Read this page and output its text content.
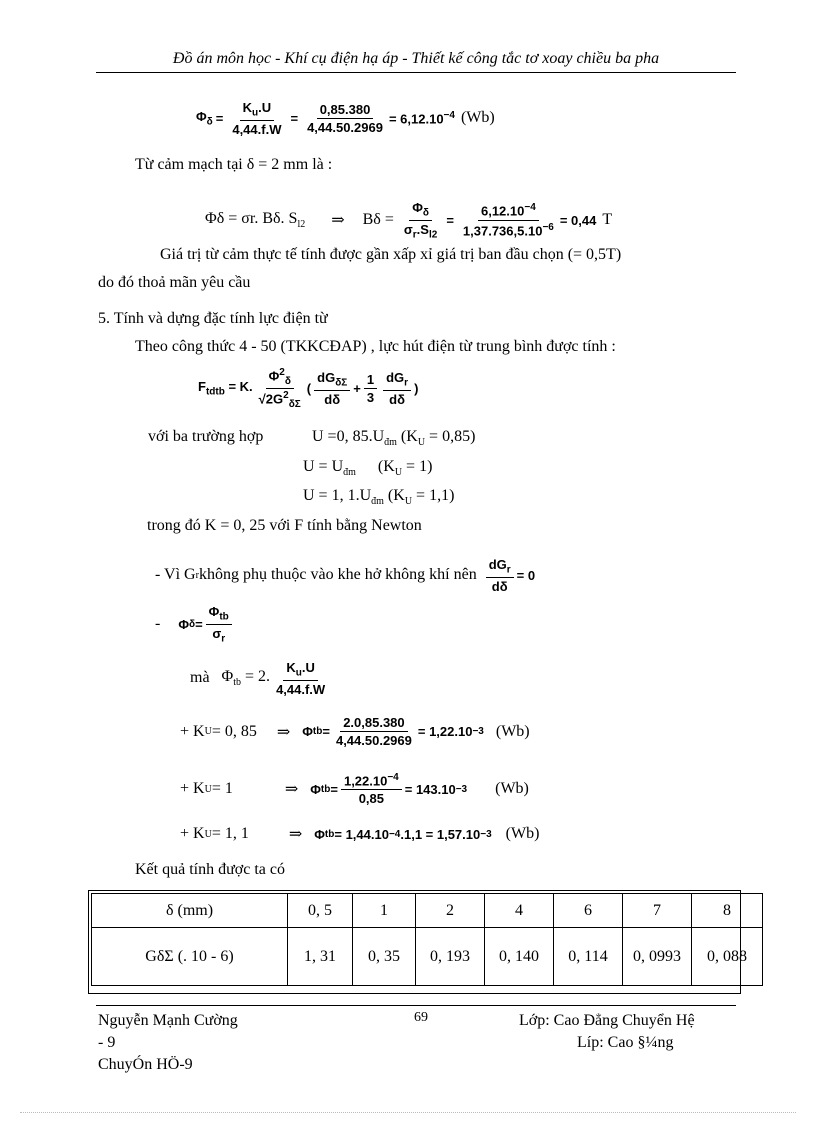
Đồ án môn học - Khí cụ điện hạ áp - Thiết kế công tắc tơ xoay chiều ba pha
$\Phi_\delta = \frac{K_u.U}{4,44.f.W} = \frac{0,85.380}{4,44.50.2969} = 6,12.10^{-4}$ (Wb)
Từ cảm mạch tại δ = 2 mm là :
Φδ = σr. Bδ. $S_{l2}$ ⇒ $B\delta = \frac{\Phi_\delta}{\sigma_r.S_{l2}} = \frac{6,12.10^{-4}}{1,37.736,5.10^{-6}} = 0,44$ T
Giá trị từ cảm thực tế tính được gần xấp xỉ giá trị ban đầu chọn (= 0,5T)
do đó thoả mãn yêu cầu
5. Tính và dựng đặc tính lực điện từ
Theo công thức 4 - 50 (TKKCĐAP) , lực hút điện từ trung bình được tính :
$F_{tdtb} = K$. $\frac{\Phi^2_\delta}{√2G^2_{\delta\Sigma}}$ ( $\frac{dG_{\delta\Sigma}}{d\delta} + \frac{1}{3} \frac{dG_r}{d\delta}$ )
với ba trường hợp	U =0, $85.U_{đm}$ $(K_U = 0,85)$
$U = U_{đm}$ $(K_U = 1)$
U = 1, $1.U_{đm}$ $(K_U = 1,1)$
trong đó K = 0, 25 với F tính bằng Newton
- Vì G r không phụ thuộc vào khe hở không khí nên $\frac{dG_r}{d\delta} = 0$
- Φ $\delta = \frac{\Phi_{tb}}{\sigma_r}$
mà $\Phi_{tb} = 2$. $\frac{K_u.U}{4,44.f.W}$
+ K U = 0, 85 ⇒ Φ tb = $\frac{2.0,85.380}{4,44.50.2969} = 1,22.10 -3$ (Wb)
+ K U = 1	⇒ Φ tb = $\frac{1,22.10^{-4}}{0,85} = 143.10 -3$ (Wb)
+ K U = 1, 1	⇒ Φ tb = 1,44.10 −4 .1,1 = 1,57.10 −3 (Wb)
Kết quả tính được ta có
δ (mm)	0, 5	1	2	4	6	7	8
GδΣ (. 10 - 6)	1, 31	0, 35	0, 193	0, 140	0, 114	0, 0993	0, 088
Nguyễn Mạnh Cường
- 9
ChuyÓn HÖ-9
69	Lớp: Cao Đẳng Chuyển Hệ
Líp: Cao §¼ng
